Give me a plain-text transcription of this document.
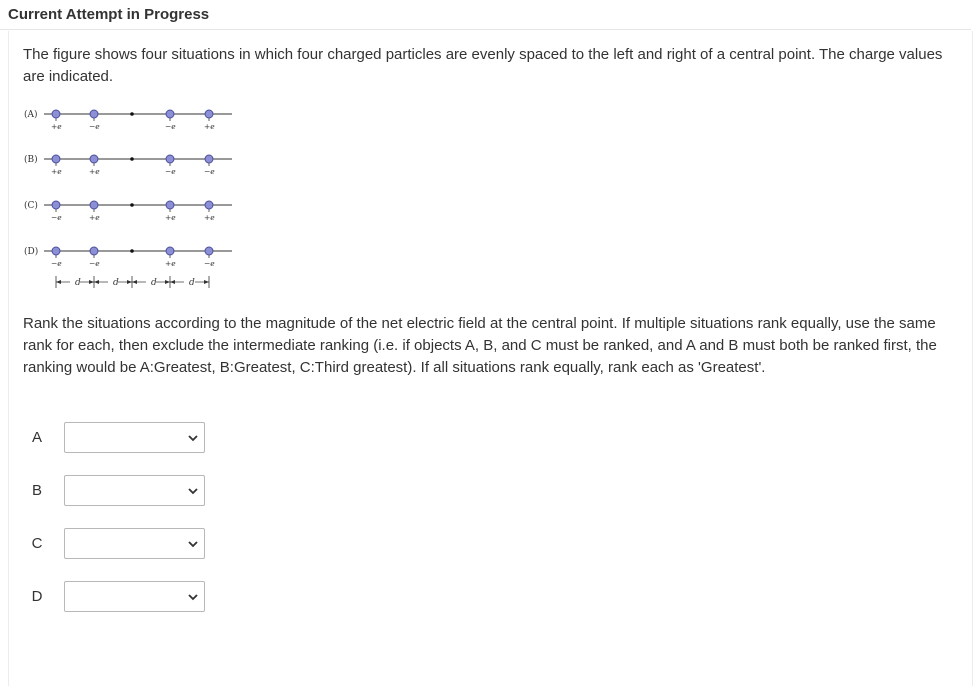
Current Attempt in Progress
The figure shows four situations in which four charged particles are evenly spaced to the left and right of a central point. The charge values are indicated.
(A)
+e	−e	−e	+e
(B)
+e	+e	−e	−e
(C)
−e	+e	+e	+e
(D)
−e	−e	+e	−e
d	d	d	d
Rank the situations according to the magnitude of the net electric field at the central point. If multiple situations rank equally, use the same rank for each, then exclude the intermediate ranking (i.e. if objects A, B, and C must be ranked, and A and B must both be ranked first, the ranking would be A:Greatest, B:Greatest, C:Third greatest). If all situations rank equally, rank each as 'Greatest'.
A
B
C
D
